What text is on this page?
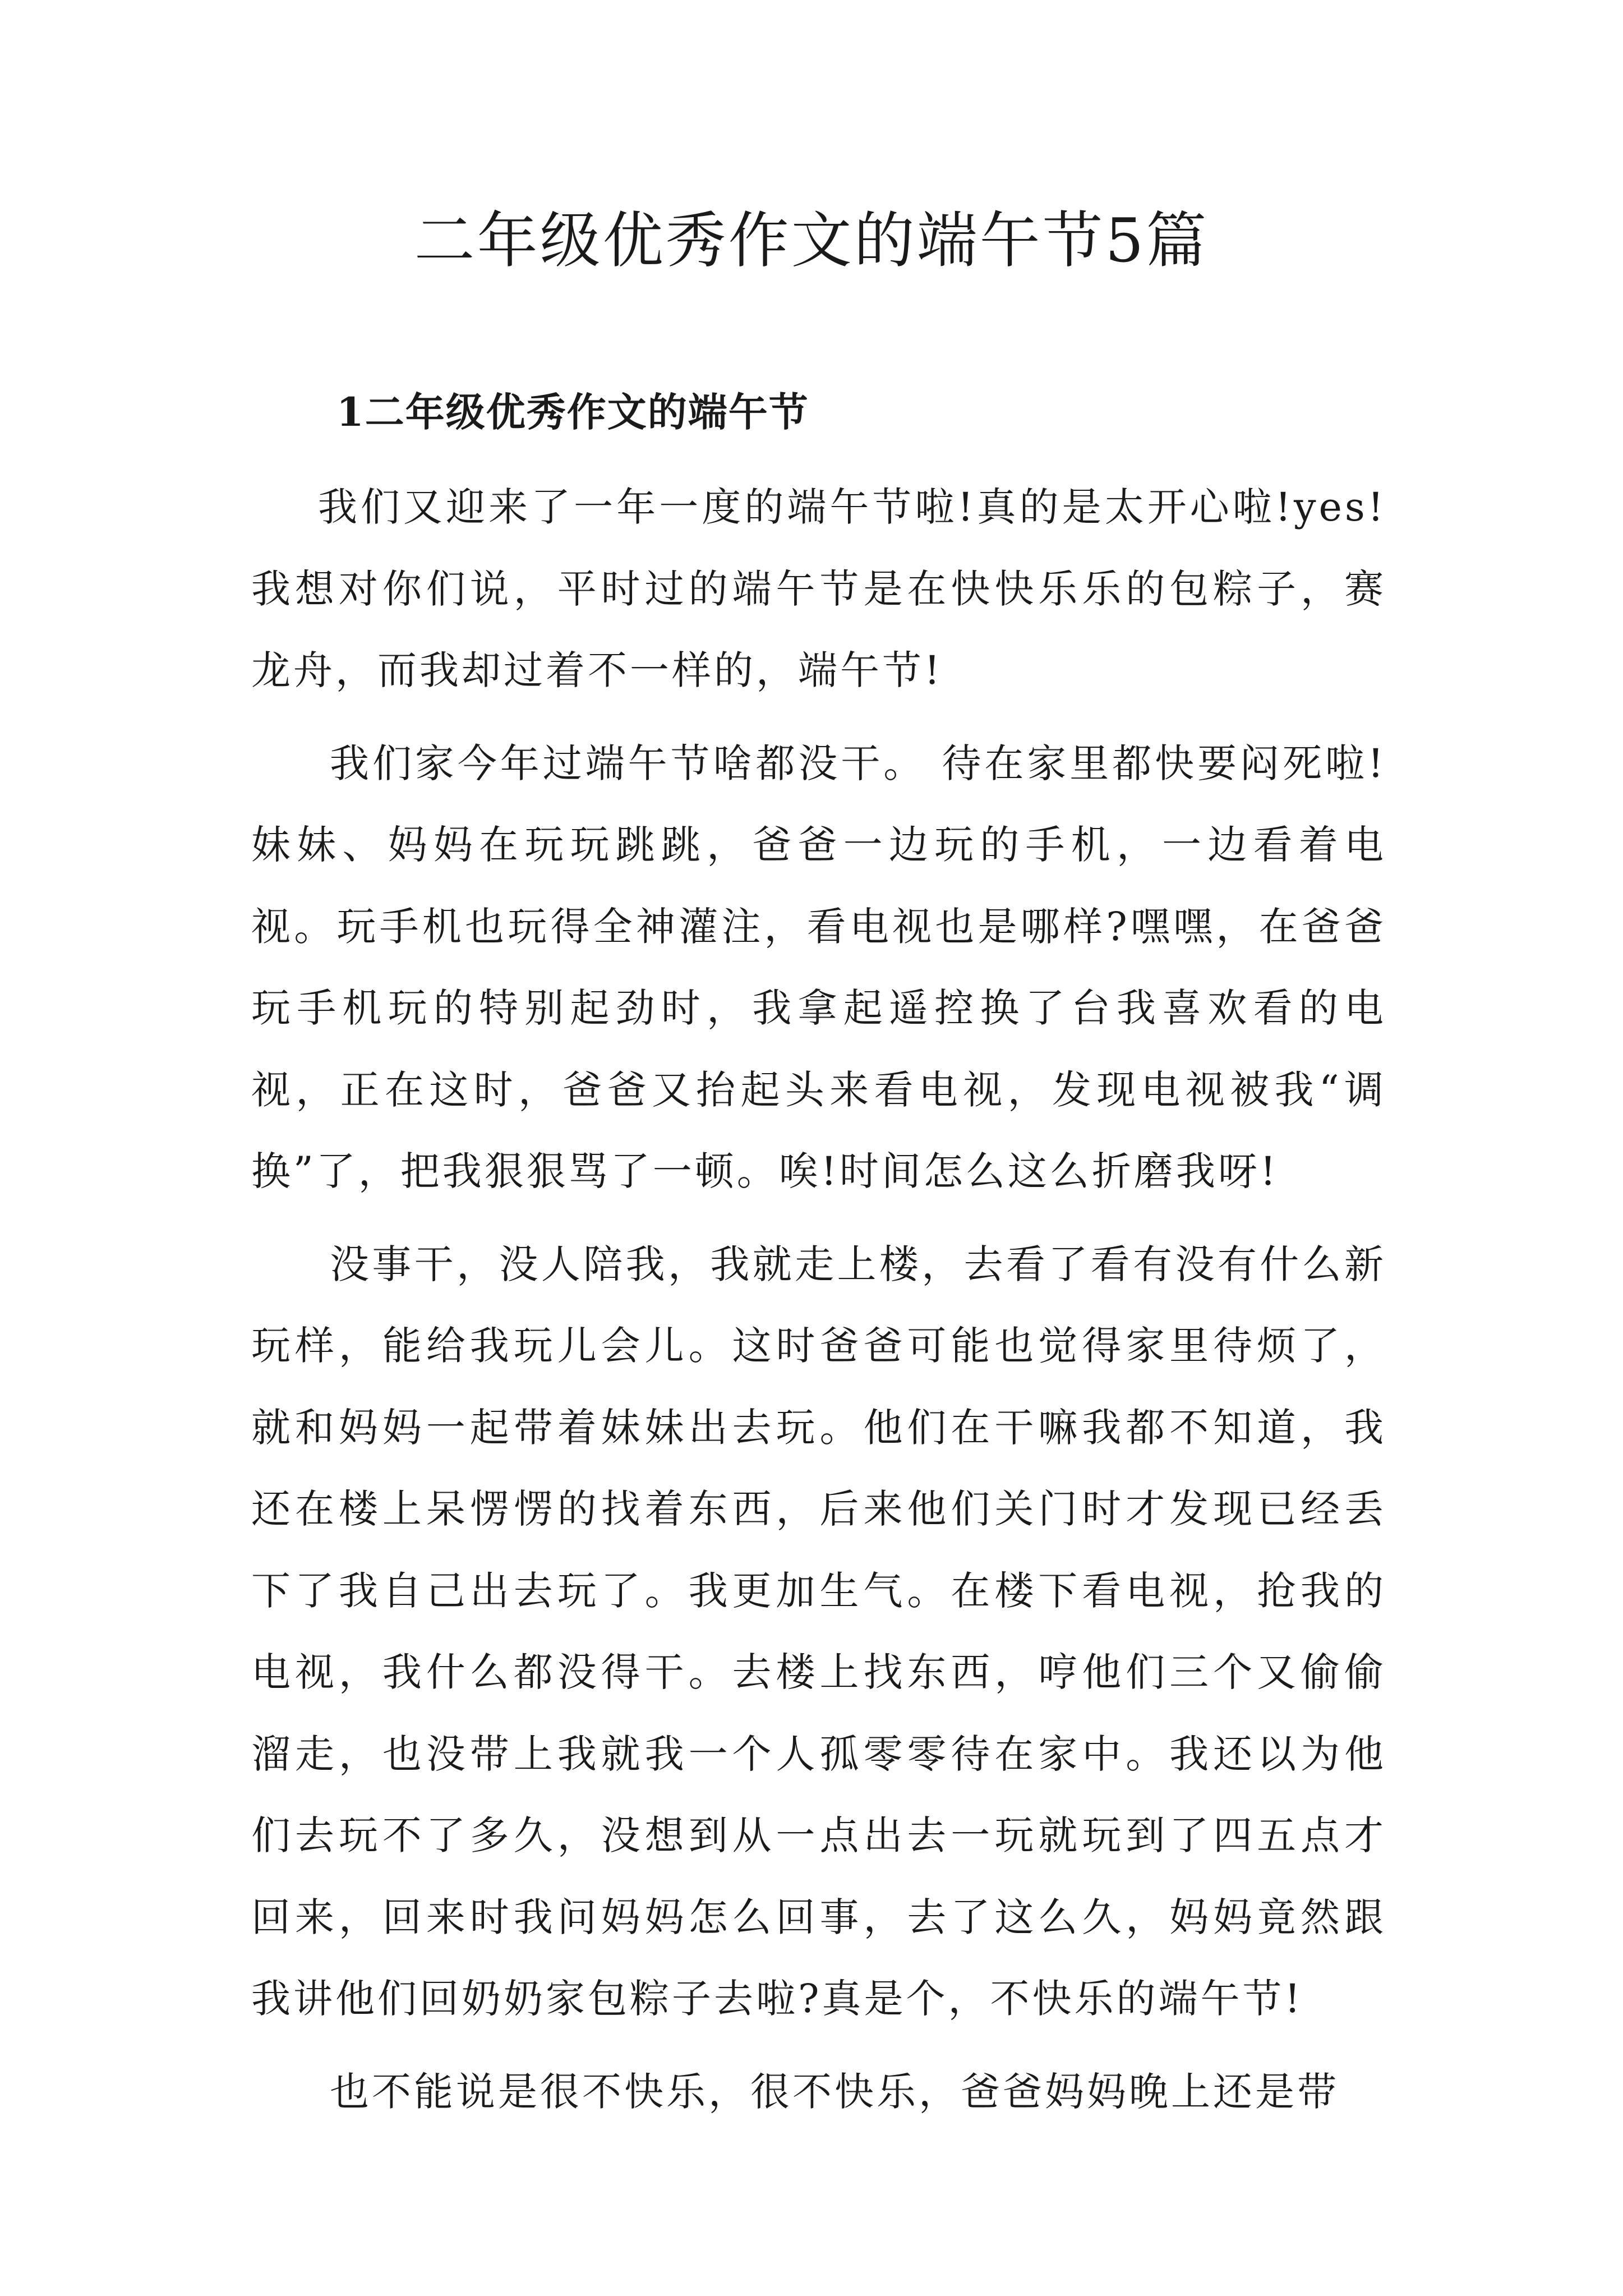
二年级优秀作文的端午节5篇
1二年级优秀作文的端午节

我们又迎来了一年一度的端午节啦!真的是太开心啦!yes!我想对你们说，平时过的端午节是在快快乐乐的包粽子，赛龙舟，而我却过着不一样的，端午节!

我们家今年过端午节啥都没干。 待在家里都快要闷死啦!妹妹、妈妈在玩玩跳跳，爸爸一边玩的手机，一边看着电视。玩手机也玩得全神灌注，看电视也是哪样?嘿嘿，在爸爸玩手机玩的特别起劲时，我拿起遥控换了台我喜欢看的电视，正在这时，爸爸又抬起头来看电视，发现电视被我“调换”了，把我狠狠骂了一顿。唉!时间怎么这么折磨我呀!

没事干，没人陪我，我就走上楼，去看了看有没有什么新玩样，能给我玩儿会儿。这时爸爸可能也觉得家里待烦了，就和妈妈一起带着妹妹出去玩。他们在干嘛我都不知道，我还在楼上呆愣愣的找着东西，后来他们关门时才发现已经丢下了我自己出去玩了。我更加生气。在楼下看电视，抢我的电视，我什么都没得干。去楼上找东西，哼他们三个又偷偷溜走，也没带上我就我一个人孤零零待在家中。我还以为他们去玩不了多久，没想到从一点出去一玩就玩到了四五点才回来，回来时我问妈妈怎么回事，去了这么久，妈妈竟然跟我讲他们回奶奶家包粽子去啦?真是个，不快乐的端午节!

也不能说是很不快乐，很不快乐，爸爸妈妈晚上还是带
